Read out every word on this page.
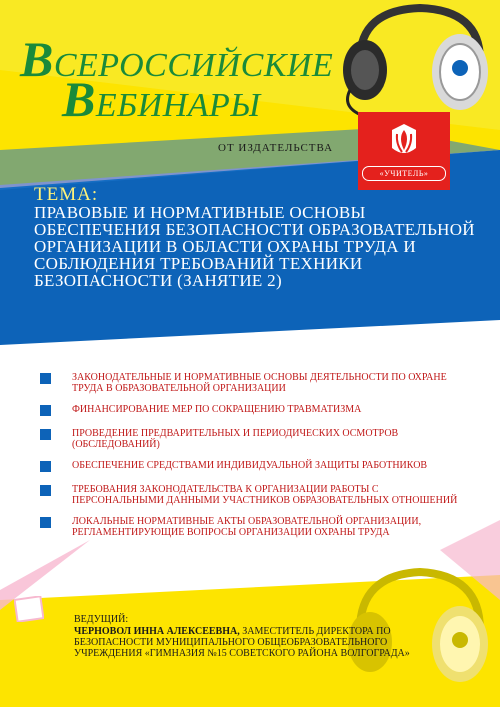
ВСЕРОССИЙСКИЕ
ВЕБИНАРЫ
ОТ ИЗДАТЕЛЬСТВА
«УЧИТЕЛЬ»
ТЕМА:
ПРАВОВЫЕ И НОРМАТИВНЫЕ ОСНОВЫ ОБЕСПЕЧЕНИЯ БЕЗОПАСНОСТИ ОБРАЗОВАТЕЛЬНОЙ ОРГАНИЗАЦИИ В ОБЛАСТИ ОХРАНЫ ТРУДА И СОБЛЮДЕНИЯ ТРЕБОВАНИЙ ТЕХНИКИ БЕЗОПАСНОСТИ (ЗАНЯТИЕ 2)
ЗАКОНОДАТЕЛЬНЫЕ И НОРМАТИВНЫЕ ОСНОВЫ ДЕЯТЕЛЬНОСТИ ПО ОХРАНЕ ТРУДА В ОБРАЗОВАТЕЛЬНОЙ ОРГАНИЗАЦИИ
ФИНАНСИРОВАНИЕ МЕР ПО СОКРАЩЕНИЮ ТРАВМАТИЗМА
ПРОВЕДЕНИЕ ПРЕДВАРИТЕЛЬНЫХ И ПЕРИОДИЧЕСКИХ ОСМОТРОВ (ОБСЛЕДОВАНИЙ)
ОБЕСПЕЧЕНИЕ СРЕДСТВАМИ ИНДИВИДУАЛЬНОЙ ЗАЩИТЫ РАБОТНИКОВ
ТРЕБОВАНИЯ ЗАКОНОДАТЕЛЬСТВА К ОРГАНИЗАЦИИ РАБОТЫ С ПЕРСОНАЛЬНЫМИ ДАННЫМИ УЧАСТНИКОВ ОБРАЗОВАТЕЛЬНЫХ ОТНОШЕНИЙ
ЛОКАЛЬНЫЕ НОРМАТИВНЫЕ АКТЫ ОБРАЗОВАТЕЛЬНОЙ ОРГАНИЗАЦИИ, РЕГЛАМЕНТИРУЮЩИЕ ВОПРОСЫ ОРГАНИЗАЦИИ ОХРАНЫ ТРУДА
ВЕДУЩИЙ:
ЧЕРНОВОЛ ИННА АЛЕКСЕЕВНА, ЗАМЕСТИТЕЛЬ ДИРЕКТОРА ПО БЕЗОПАСНОСТИ МУНИЦИПАЛЬНОГО ОБЩЕОБРАЗОВАТЕЛЬНОГО УЧРЕЖДЕНИЯ «ГИМНАЗИЯ №15 СОВЕТСКОГО РАЙОНА ВОЛГОГРАДА»
